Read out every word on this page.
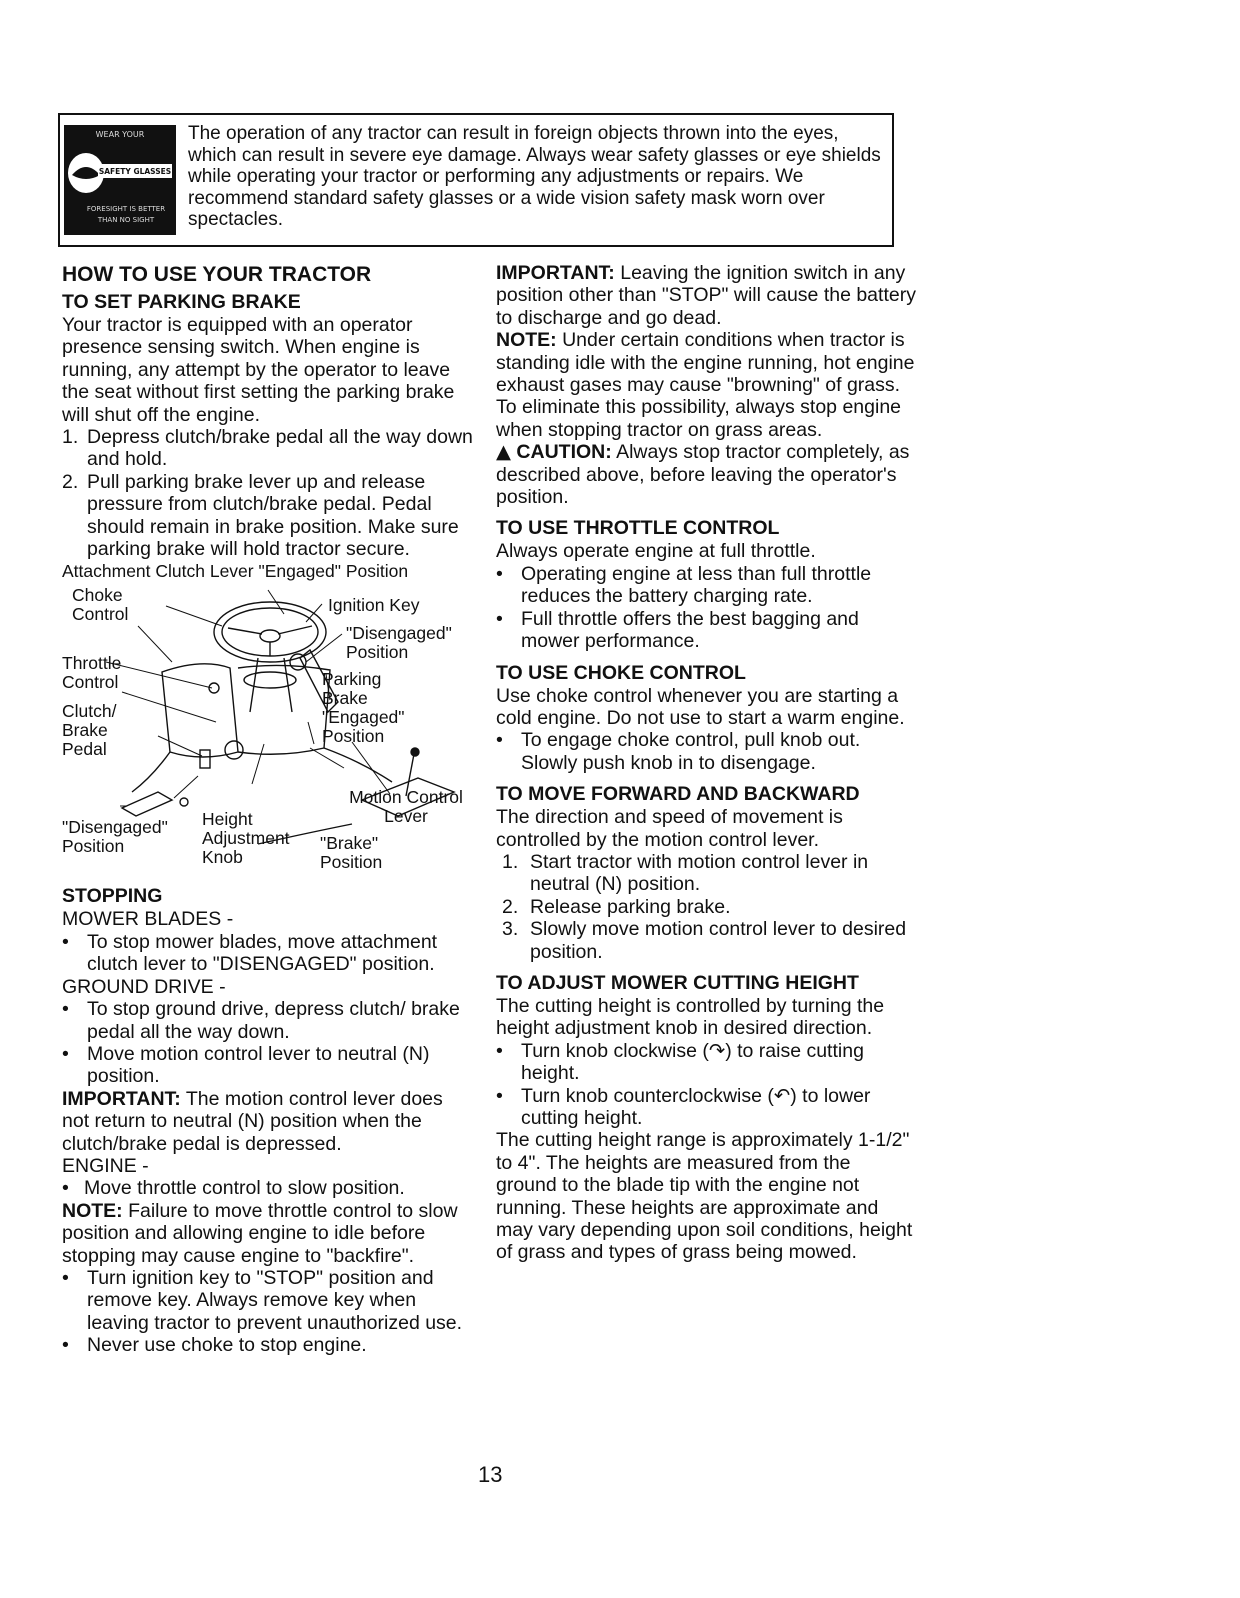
WEAR YOUR
SAFETY GLASSES
FORESIGHT IS BETTER
THAN NO SIGHT
The operation of any tractor can result in foreign objects thrown into the eyes, which can result in severe eye damage. Always wear safety glasses or eye shields while operating your tractor or performing any adjustments or repairs. We recommend standard safety glasses or a wide vision safety mask worn over spectacles.
HOW TO USE YOUR TRACTOR
TO SET PARKING BRAKE

Your tractor is equipped with an operator presence sensing switch. When engine is running, any attempt by the operator to leave the seat without first setting the parking brake will shut off the engine.

1. Depress clutch/brake pedal all the way down and hold.
2. Pull parking brake lever up and release pressure from clutch/brake pedal. Pedal should remain in brake position. Make sure parking brake will hold tractor secure.
Attachment Clutch Lever "Engaged" Position
Choke Control	Ignition Key
"Disengaged" Position
Throttle Control	Parking Brake
"Engaged" Position
Clutch/ Brake Pedal
Motion Control Lever
"Disengaged" Position
Height Adjustment Knob
"Brake" Position
STOPPING

MOWER BLADES -

• To stop mower blades, move attachment clutch lever to "DISENGAGED" position.

GROUND DRIVE -

• To stop ground drive, depress clutch/ brake pedal all the way down.
• Move motion control lever to neutral (N) position.

IMPORTANT: The motion control lever does not return to neutral (N) position when the clutch/brake pedal is depressed.

ENGINE -

• Move throttle control to slow position.

NOTE: Failure to move throttle control to slow position and allowing engine to idle before stopping may cause engine to "backfire".

• Turn ignition key to "STOP" position and remove key. Always remove key when leaving tractor to prevent unauthorized use.
• Never use choke to stop engine.

IMPORTANT: Leaving the ignition switch in any position other than "STOP" will cause the battery to discharge and go dead.

NOTE: Under certain conditions when tractor is standing idle with the engine running, hot engine exhaust gases may cause "browning" of grass. To eliminate this possibility, always stop engine when stopping tractor on grass areas.

▲ CAUTION: Always stop tractor completely, as described above, before leaving the operator's position.

TO USE THROTTLE CONTROL

Always operate engine at full throttle.

• Operating engine at less than full throttle reduces the battery charging rate.
• Full throttle offers the best bagging and mower performance.
TO USE CHOKE CONTROL

Use choke control whenever you are starting a cold engine. Do not use to start a warm engine.

• To engage choke control, pull knob out. Slowly push knob in to disengage.
TO MOVE FORWARD AND BACKWARD

The direction and speed of movement is controlled by the motion control lever.

1. Start tractor with motion control lever in neutral (N) position.
2. Release parking brake.
3. Slowly move motion control lever to desired position.
TO ADJUST MOWER CUTTING HEIGHT

The cutting height is controlled by turning the height adjustment knob in desired direction.

• Turn knob clockwise (↷) to raise cutting height.
• Turn knob counterclockwise (↶) to lower cutting height.

The cutting height range is approximately 1-1/2" to 4". The heights are measured from the ground to the blade tip with the engine not running. These heights are approximate and may vary depending upon soil conditions, height of grass and types of grass being mowed.

13
